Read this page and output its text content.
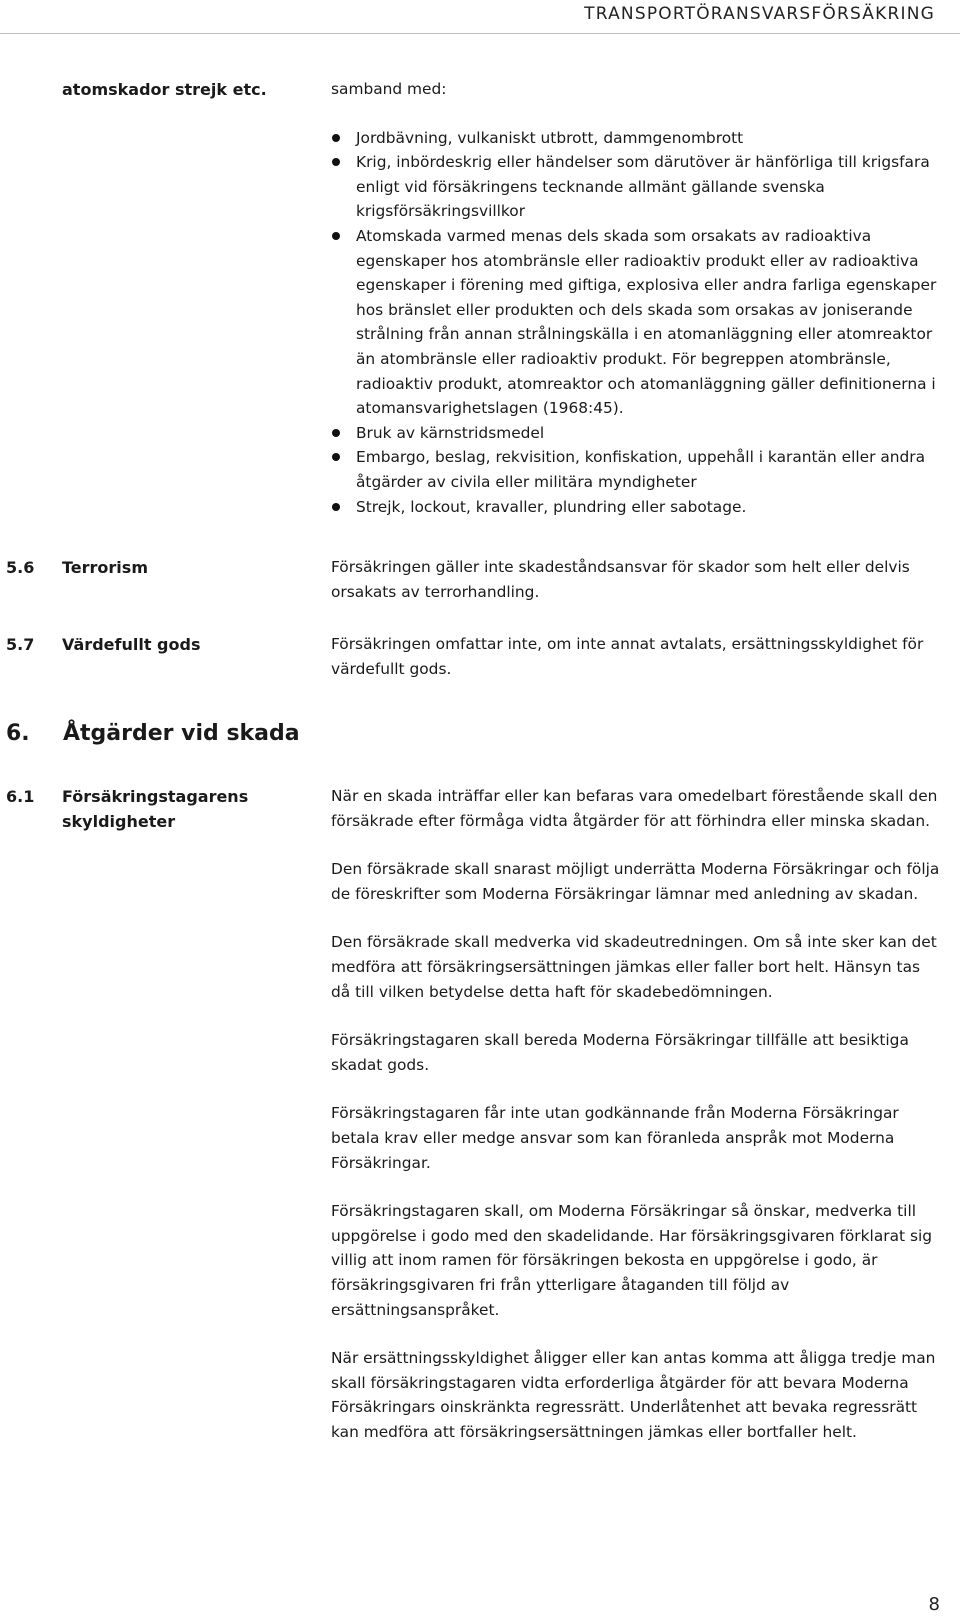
TRANSPORTÖRANSVARSFÖRSÄKRING
atomskador strejk etc.	samband med:

Jordbävning, vulkaniskt utbrott, dammgenombrott
Krig, inbördeskrig eller händelser som därutöver är hänförliga till krigsfara enligt vid försäkringens tecknande allmänt gällande svenska krigsförsäkringsvillkor
Atomskada varmed menas dels skada som orsakats av radioaktiva egenskaper hos atombränsle eller radioaktiv produkt eller av radioaktiva egenskaper i förening med giftiga, explosiva eller andra farliga egenskaper hos bränslet eller produkten och dels skada som orsakas av joniserande strålning från annan strålningskälla i en atomanläggning eller atomreaktor än atombränsle eller radioaktiv produkt. För begreppen atombränsle, radioaktiv produkt, atomreaktor och atomanläggning gäller definitionerna i atomansvarighetslagen (1968:45).
Bruk av kärnstridsmedel
Embargo, beslag, rekvisition, konfiskation, uppehåll i karantän eller andra åtgärder av civila eller militära myndigheter
Strejk, lockout, kravaller, plundring eller sabotage.
5.6 Terrorism	Försäkringen gäller inte skadeståndsansvar för skador som helt eller delvis orsakats av terrorhandling.
5.7 Värdefullt gods	Försäkringen omfattar inte, om inte annat avtalats, ersättningsskyldighet för värdefullt gods.
6. Åtgärder vid skada
6.1 Försäkringstagarens skyldigheter

När en skada inträffar eller kan befaras vara omedelbart förestående skall den försäkrade efter förmåga vidta åtgärder för att förhindra eller minska skadan.

Den försäkrade skall snarast möjligt underrätta Moderna Försäkringar och följa de föreskrifter som Moderna Försäkringar lämnar med anledning av skadan.

Den försäkrade skall medverka vid skadeutredningen. Om så inte sker kan det medföra att försäkringsersättningen jämkas eller faller bort helt. Hänsyn tas då till vilken betydelse detta haft för skadebedömningen.

Försäkringstagaren skall bereda Moderna Försäkringar tillfälle att besiktiga skadat gods.

Försäkringstagaren får inte utan godkännande från Moderna Försäkringar betala krav eller medge ansvar som kan föranleda anspråk mot Moderna Försäkringar.

Försäkringstagaren skall, om Moderna Försäkringar så önskar, medverka till uppgörelse i godo med den skadelidande. Har försäkringsgivaren förklarat sig villig att inom ramen för försäkringen bekosta en uppgörelse i godo, är försäkringsgivaren fri från ytterligare åtaganden till följd av ersättningsanspråket.

När ersättningsskyldighet åligger eller kan antas komma att åligga tredje man skall försäkringstagaren vidta erforderliga åtgärder för att bevara Moderna Försäkringars oinskränkta regressrätt. Underlåtenhet att bevaka regressrätt kan medföra att försäkringsersättningen jämkas eller bortfaller helt.

8
